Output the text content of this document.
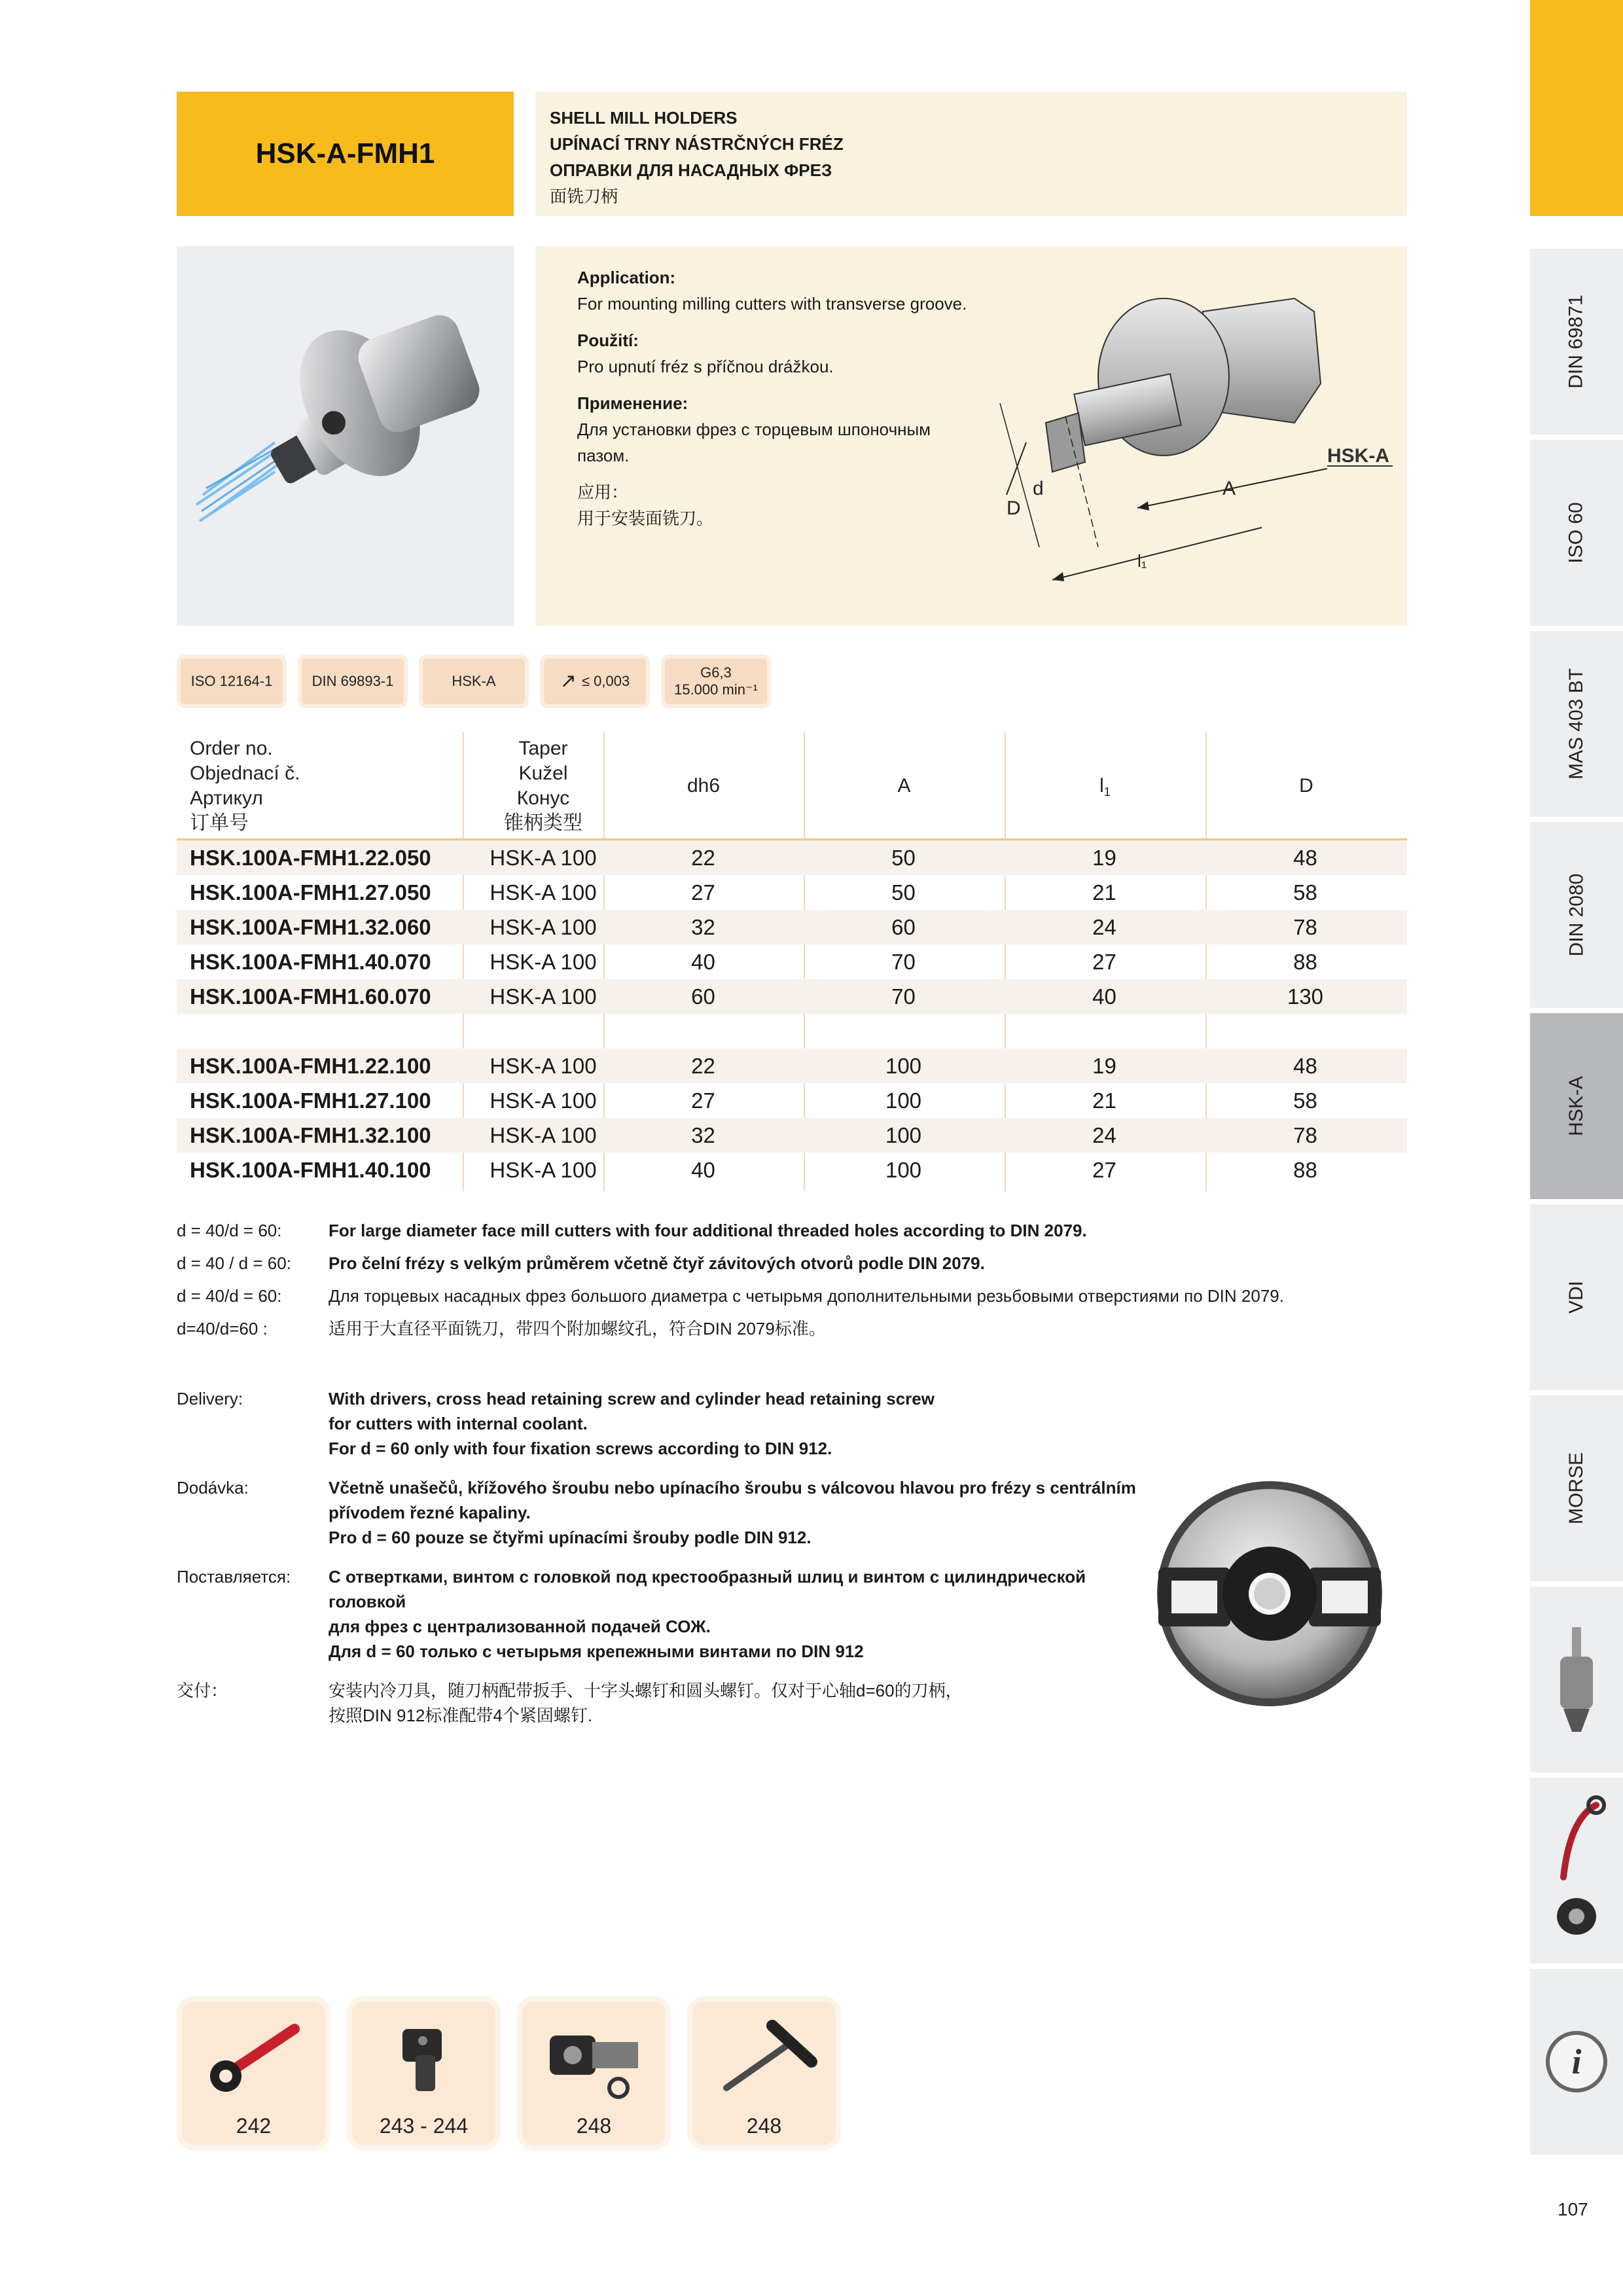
HSK-A-FMH1
SHELL MILL HOLDERS
UPÍNACÍ TRNY NÁSTRČNÝCH FRÉZ
ОПРАВКИ ДЛЯ НАСАДНЫХ ФРЕЗ
面铣刀柄
Application:
For mounting milling cutters with transverse groove.
Použití:
Pro upnutí fréz s příčnou drážkou.
Применение:
Для установки фрез с торцевым шпоночным
пазом.
应用：
用于安装面铣刀。	D
d	A
l₁
HSK-A
ISO 12164-1	DIN 69893-1	HSK-A	↗ ≤ 0,003
G6,3
15.000 min⁻¹
Order no.
Objednací č.
Артикул
订单号
Taper
Kužel
Конус
锥柄类型
dh6	A	$l_1$	D
HSK.100A-FMH1.22.050	HSK-A 100	22	50	19	48
HSK.100A-FMH1.27.050	HSK-A 100	27	50	21	58
HSK.100A-FMH1.32.060	HSK-A 100	32	60	24	78
HSK.100A-FMH1.40.070	HSK-A 100	40	70	27	88
HSK.100A-FMH1.60.070	HSK-A 100	60	70	40	130
HSK.100A-FMH1.22.100	HSK-A 100	22	100	19	48
HSK.100A-FMH1.27.100	HSK-A 100	27	100	21	58
HSK.100A-FMH1.32.100	HSK-A 100	32	100	24	78
HSK.100A-FMH1.40.100	HSK-A 100	40	100	27	88
d = 40/d = 60:	For large diameter face mill cutters with four additional threaded holes according to DIN 2079.
d = 40 / d = 60: Pro čelní frézy s velkým průměrem včetně čtyř závitových otvorů podle DIN 2079.
d = 40/d = 60:	Для торцевых насадных фрез большого диаметра с четырьмя дополнительными резьбовыми отверстиями по DIN 2079.
d=40/d=60 :	适用于大直径平面铣刀，带四个附加螺纹孔，符合DIN 2079标准。
Delivery:	With drivers, cross head retaining screw and cylinder head retaining screw
for cutters with internal coolant.
For d = 60 only with four fixation screws according to DIN 912.
Dodávka:	Včetně unašečů, křížového šroubu nebo upínacího šroubu s válcovou hlavou pro frézy s centrálním
přívodem řezné kapaliny.
Pro d = 60 pouze se čtyřmi upínacími šrouby podle DIN 912.
Поставляется: С отвертками, винтом с головкой под крестообразный шлиц и винтом с цилиндрической головкой
для фрез с централизованной подачей СОЖ.
Для d = 60 только с четырьмя крепежными винтами по DIN 912
交付：	安装内冷刀具，随刀柄配带扳手、十字头螺钉和圆头螺钉。仅对于心轴d=60的刀柄，
按照DIN 912标准配带4个紧固螺钉.
242	243 - 244	248	248
DIN 69871
ISO 60
MAS 403 BT
DIN 2080
HSK-A
VDI
MORSE
i
107
